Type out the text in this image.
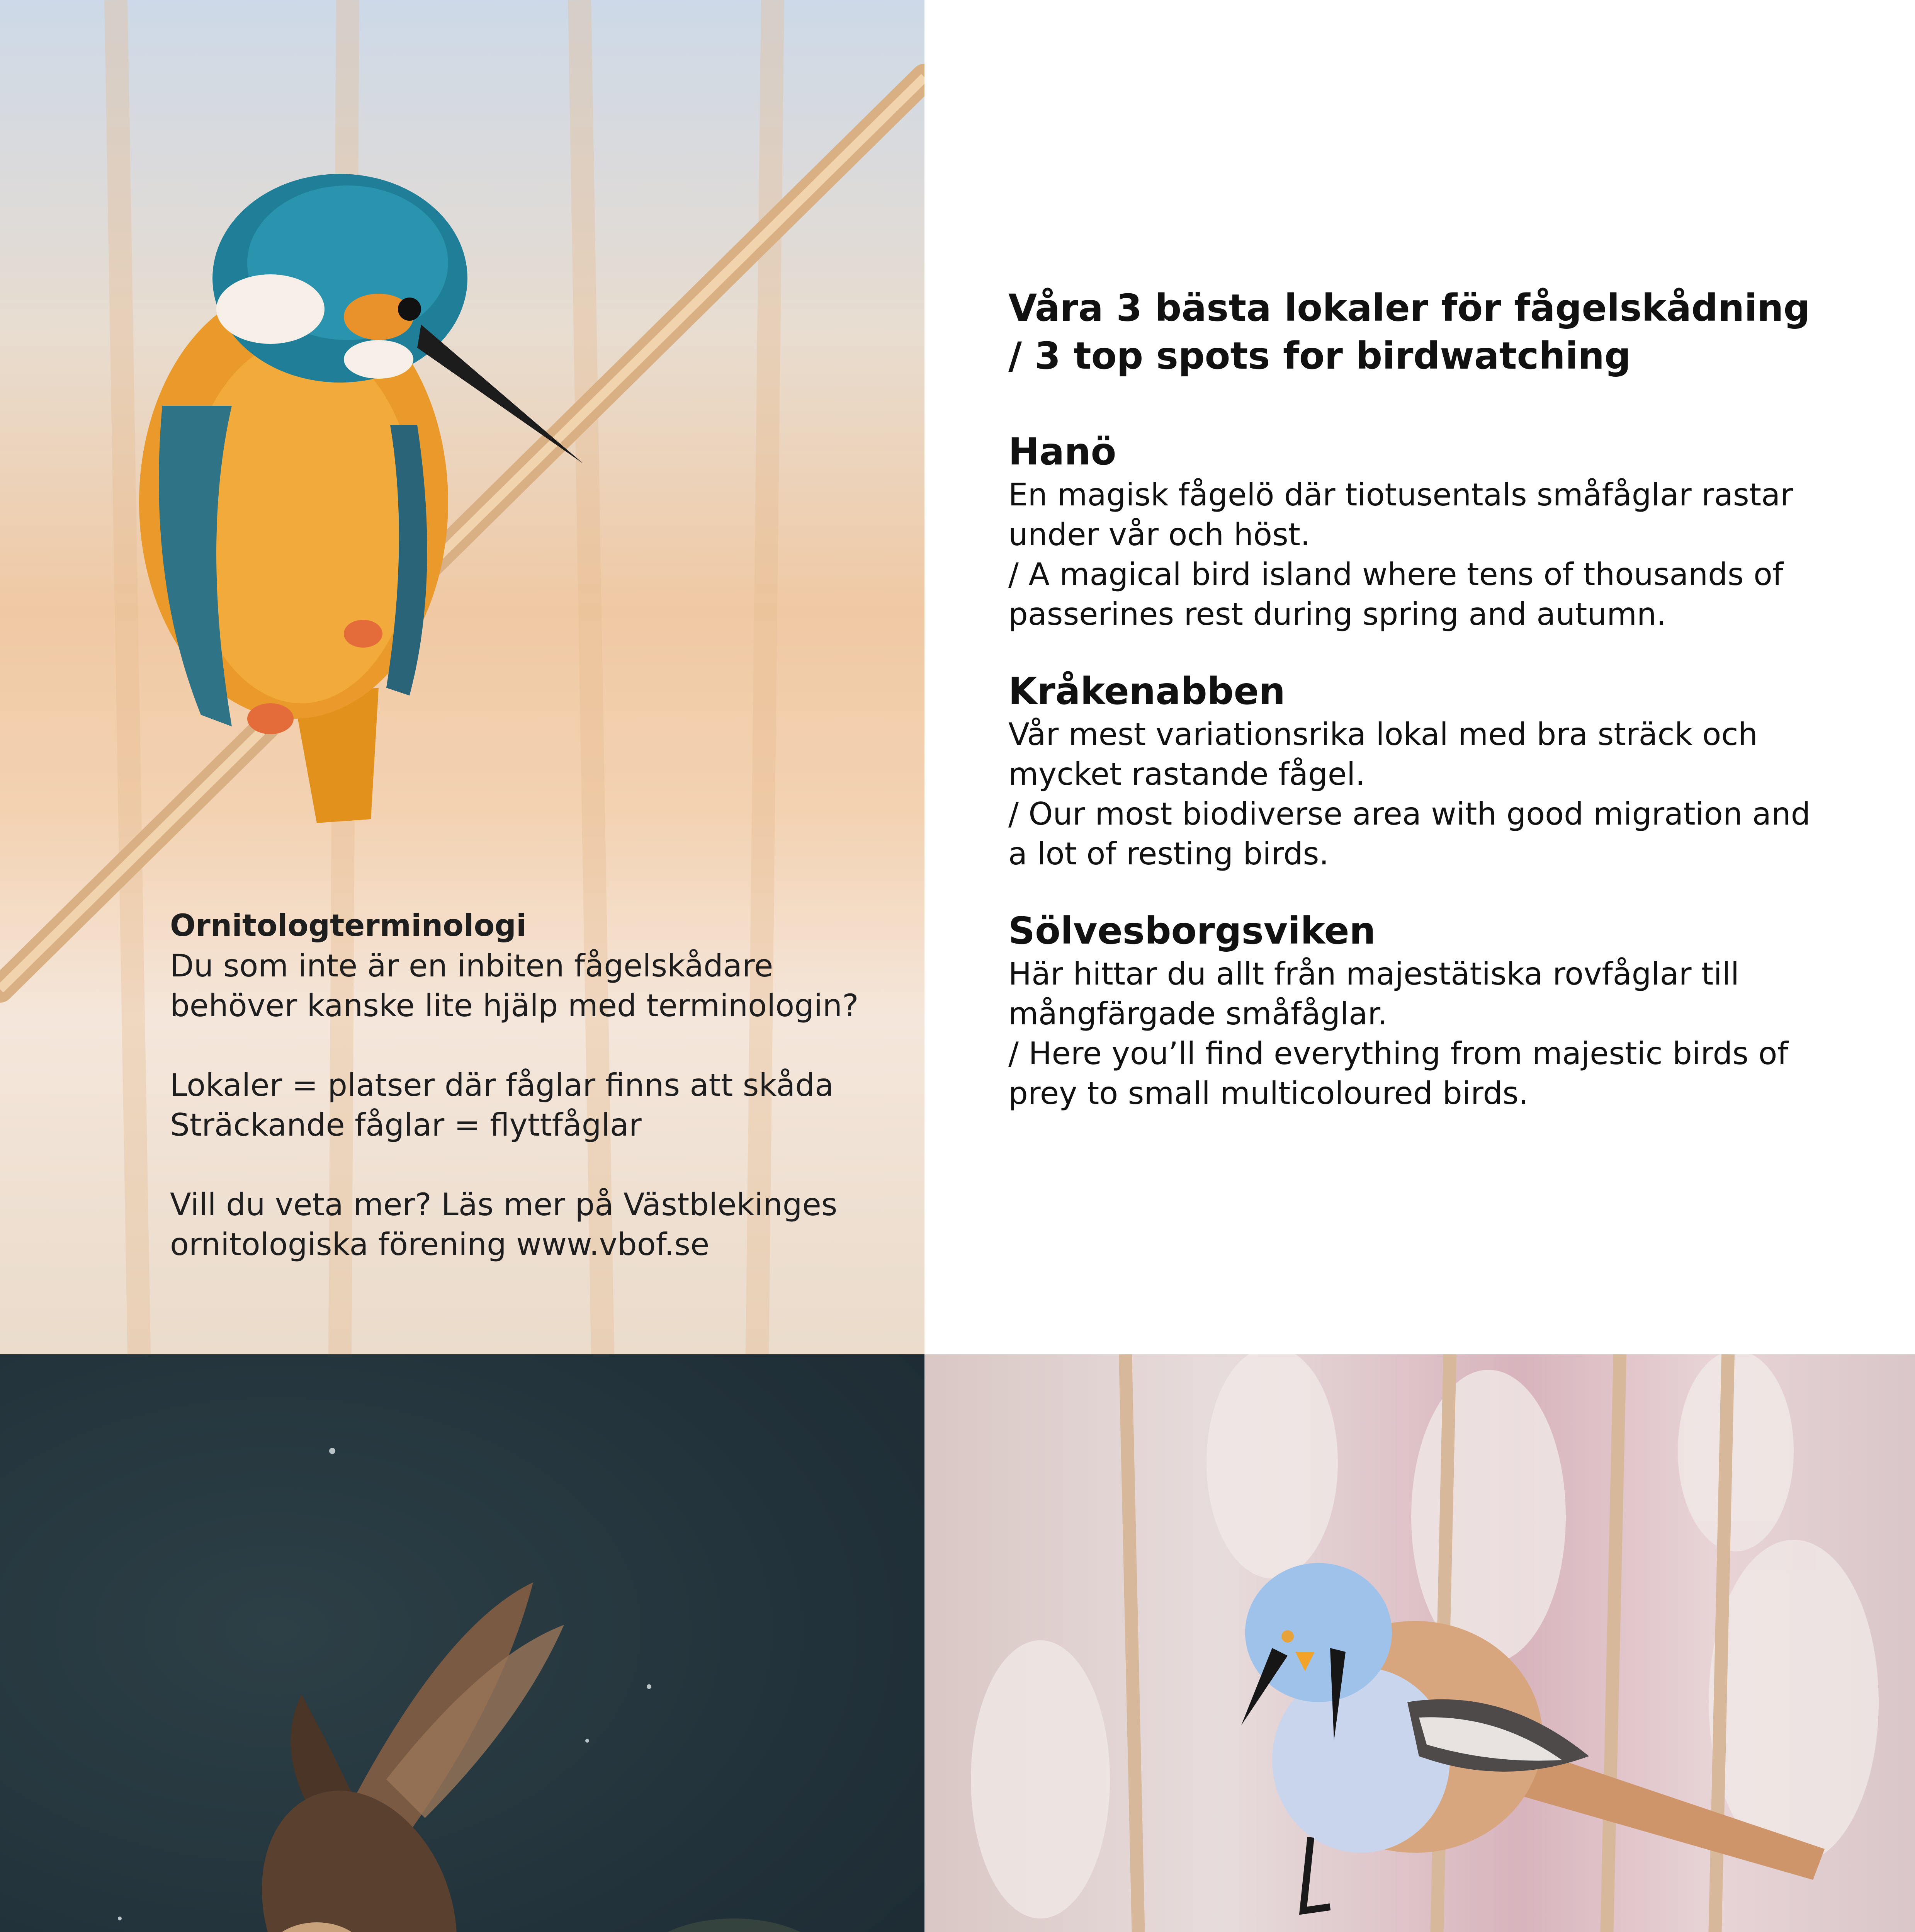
Ornitologterminologi

Du som inte är en inbiten fågelskådare

behöver kanske lite hjälp med terminologin?

Lokaler = platser där fåglar finns att skåda

Sträckande fåglar = flyttfåglar

Vill du veta mer? Läs mer på Västblekinges

ornitologiska förening www.vbof.se

Våra 3 bästa lokaler för fågelskådning
/ 3 top spots for birdwatching

Hanö

En magisk fågelö där tiotusentals småfåglar rastar

under vår och höst.

/ A magical bird island where tens of thousands of

passerines rest during spring and autumn.

Kråkenabben

Vår mest variationsrika lokal med bra sträck och

mycket rastande fågel.

/ Our most biodiverse area with good migration and

a lot of resting birds.

Sölvesborgsviken

Här hittar du allt från majestätiska rovfåglar till

mångfärgade småfåglar.

/ Here you’ll find everything from majestic birds of

prey to small multicoloured birds.
